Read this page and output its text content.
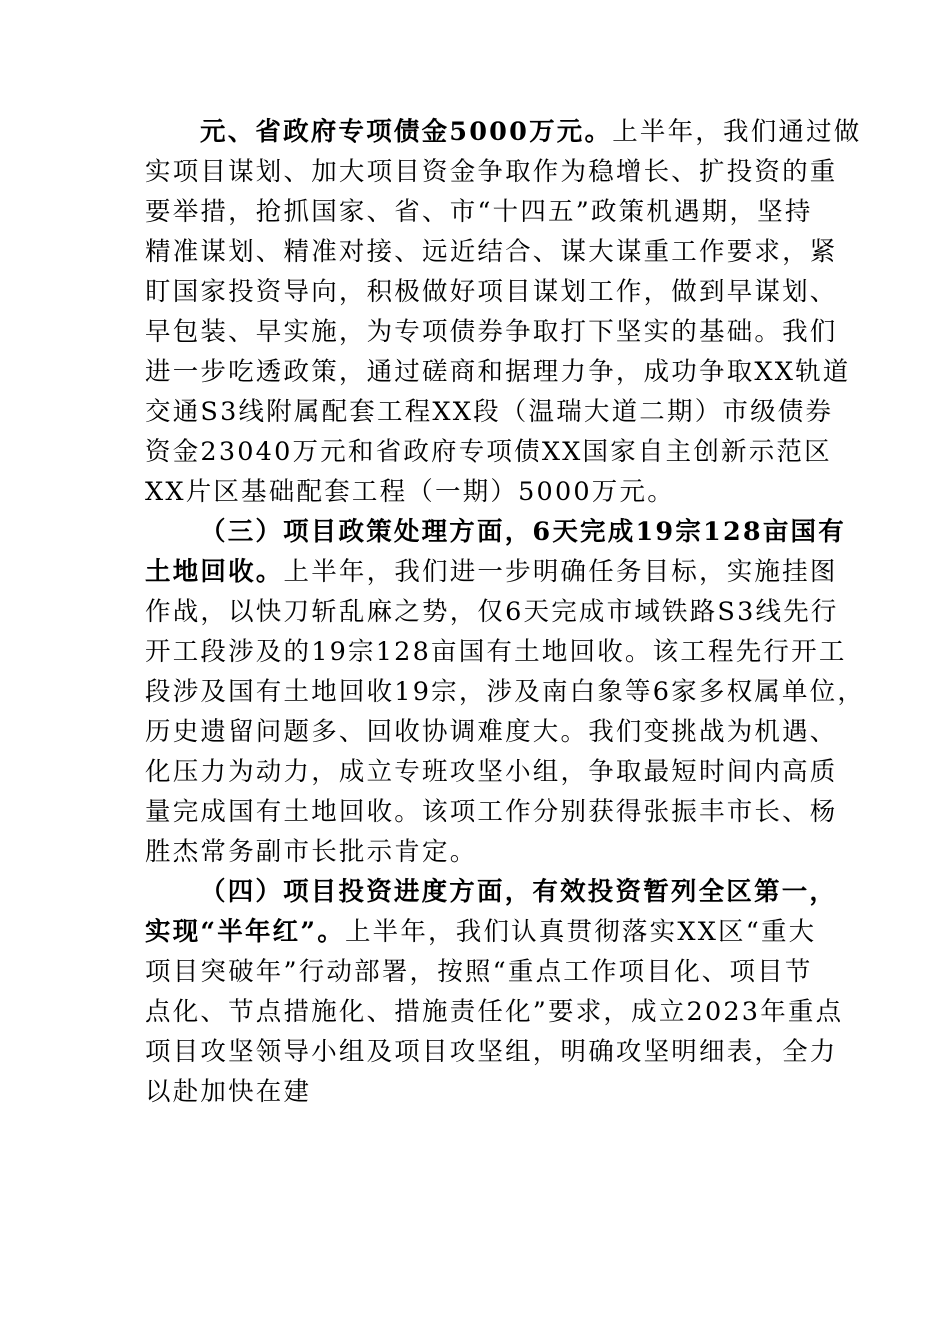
元、省政府专项债金5000万元。上半年，我们通过做
实项目谋划、加大项目资金争取作为稳增长、扩投资的重
要举措，抢抓国家、省、市“十四五”政策机遇期，坚持
精准谋划、精准对接、远近结合、谋大谋重工作要求，紧
盯国家投资导向，积极做好项目谋划工作，做到早谋划、
早包装、早实施，为专项债券争取打下坚实的基础。我们
进一步吃透政策，通过磋商和据理力争，成功争取XX轨道
交通S3线附属配套工程XX段（温瑞大道二期）市级债券
资金23040万元和省政府专项债XX国家自主创新示范区
XX片区基础配套工程（一期）5000万元。
（三）项目政策处理方面，6天完成19宗128亩国有
土地回收。上半年，我们进一步明确任务目标，实施挂图
作战，以快刀斩乱麻之势，仅6天完成市域铁路S3线先行
开工段涉及的19宗128亩国有土地回收。该工程先行开工
段涉及国有土地回收19宗，涉及南白象等6家多权属单位，
历史遗留问题多、回收协调难度大。我们变挑战为机遇、
化压力为动力，成立专班攻坚小组，争取最短时间内高质
量完成国有土地回收。该项工作分别获得张振丰市长、杨
胜杰常务副市长批示肯定。
（四）项目投资进度方面，有效投资暂列全区第一，
实现“半年红”。上半年，我们认真贯彻落实XX区“重大
项目突破年”行动部署，按照“重点工作项目化、项目节
点化、节点措施化、措施责任化”要求，成立2023年重点
项目攻坚领导小组及项目攻坚组，明确攻坚明细表，全力
以赴加快在建
